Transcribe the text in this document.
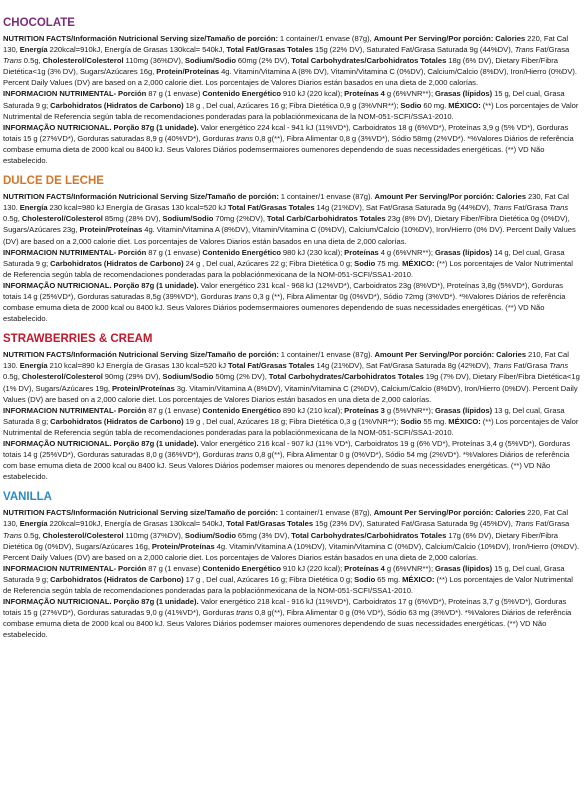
CHOCOLATE

NUTRITION FACTS/Información Nutricional Serving size/Tamaño de porción: 1 container/1 envase (87g), Amount Per Serving/Por porción: Calories 220, Fat Cal 130, Energía 220kcal=910kJ, Energía de Grasas 130kcal= 540kJ, Total Fat/Grasas Totales 15g (22% DV), Saturated Fat/Grasa Saturada 9g (44%DV), Trans Fat/Grasa Trans 0.5g, Cholesterol/Colesterol 110mg (36%DV), Sodium/Sodio 60mg (2% DV), Total Carbohydrates/Carbohidratos Totales 18g (6% DV), Dietary Fiber/Fibra Dietética<1g (3% DV), Sugars/Azúcares 16g, Protein/Proteínas 4g. Vitamin/Vitamina A (8% DV), Vitamin/Vitamina C (0%DV), Calcium/Calcio (8%DV), Iron/Hierro (0%DV). Percent Daily Values (DV) are based on a 2,000 calorie diet. Los porcentajes de Valores Diarios están basados en una dieta de 2,000 calorías.

INFORMACION NUTRIMENTAL- Porción 87 g (1 envase) Contenido Energético 910 kJ (220 kcal); Proteínas 4 g (6%VNR**); Grasas (lípidos) 15 g, Del cual, Grasa Saturada 9 g; Carbohidratos (Hidratos de Carbono) 18 g , Del cual, Azúcares 16 g; Fibra Dietética 0,9 g (3%VNR**); Sodio 60 mg. MÉXICO: (**) Los porcentajes de Valor Nutrimental de Referencia según tabla de recomendaciones ponderadas para la poblaciónmexicana de la NOM-051-SCFI/SSA1-2010.

INFORMAÇÃO NUTRICIONAL. Porção 87g (1 unidade). Valor energético 224 kcal - 941 kJ (11%VD*), Carboidratos 18 g (6%VD*), Proteínas 3,9 g (5% VD*), Gorduras totais 15 g (27%VD*), Gorduras saturadas 8,9 g (40%VD*), Gorduras trans 0,8 g(**), Fibra Alimentar 0,8 g (3%VD*), Sódio 58mg (2%VD*). *%Valores Diários de referência combase emuma dieta de 2000 kcal ou 8400 kJ. Seus Valores Diários podemsermaiores oumenores dependendo de suas necessidades energéticas. (**) VD Não estabelecido.

DULCE DE LECHE

NUTRITION FACTS/Información Nutricional Serving Size/Tamaño de porción: 1 container/1 envase (87g). Amount Per Serving/Por porción: Calories 230, Fat Cal 130. Energía 230 kcal=980 kJ Energía de Grasas 130 kcal=520 kJ Total Fat/Grasas Totales 14g (21%DV), Sat Fat/Grasa Saturada 9g (44%DV), Trans Fat/Grasa Trans 0.5g, Cholesterol/Colesterol 85mg (28% DV), Sodium/Sodio 70mg (2%DV), Total Carb/Carbohidratos Totales 23g (8% DV), Dietary Fiber/Fibra Dietética 0g (0%DV), Sugars/Azúcares 23g, Protein/Proteínas 4g. Vitamin/Vitamina A (8%DV), Vitamin/Vitamina C (0%DV), Calcium/Calcio (10%DV), Iron/Hierro (0% DV). Percent Daily Values (DV) are based on a 2,000 calorie diet. Los porcentajes de Valores Diarios están basados en una dieta de 2,000 calorías.

INFORMACION NUTRIMENTAL- Porción 87 g (1 envase) Contenido Energético 980 kJ (230 kcal); Proteínas 4 g (6%VNR**); Grasas (lípidos) 14 g, Del cual, Grasa Saturada 9 g; Carbohidratos (Hidratos de Carbono) 24 g , Del cual, Azúcares 22 g; Fibra Dietética 0 g; Sodio 75 mg. MÉXICO: (**) Los porcentajes de Valor Nutrimental de Referencia según tabla de recomendaciones ponderadas para la poblaciónmexicana de la NOM-051-SCFI/SSA1-2010.

INFORMAÇÃO NUTRICIONAL. Porção 87g (1 unidade). Valor energético 231 kcal - 968 kJ (12%VD*), Carboidratos 23g (8%VD*), Proteínas 3,8g (5%VD*), Gorduras totais 14 g (25%VD*), Gorduras saturadas 8,5g (39%VD*), Gorduras trans 0,3 g (**), Fibra Alimentar 0g (0%VD*), Sódio 72mg (3%VD*). *%Valores Diários de referência combase emuma dieta de 2000 kcal ou 8400 kJ. Seus Valores Diários podemsermaiores oumenores dependendo de suas necessidades energéticas. (**) VD Não estabelecido.

STRAWBERRIES & CREAM

NUTRITION FACTS/Información Nutricional Serving Size/Tamaño de porción: 1 container/1 envase (87g). Amount Per Serving/Por porción: Calories 210, Fat Cal 130. Energía 210 kcal=890 kJ Energía de Grasas 130 kcal=520 kJ Total Fat/Grasas Totales 14g (21%DV), Sat Fat/Grasa Saturada 8g (42%DV), Trans Fat/Grasa Trans 0.5g, Cholesterol/Colesterol 90mg (29% DV), Sodium/Sodio 50mg (2% DV), Total Carbohydrates/Carbohidratos Totales 19g (7% DV), Dietary Fiber/Fibra Dietética<1g (1% DV), Sugars/Azúcares 19g, Protein/Proteínas 3g. Vitamin/Vitamina A (8%DV), Vitamin/Vitamina C (2%DV), Calcium/Calcio (8%DV), Iron/Hierro (0%DV). Percent Daily Values (DV) are based on a 2,000 calorie diet. Los porcentajes de Valores Diarios están basados en una dieta de 2,000 calorías.

INFORMACION NUTRIMENTAL- Porción 87 g (1 envase) Contenido Energético 890 kJ (210 kcal); Proteínas 3 g (5%VNR**); Grasas (lípidos) 13 g, Del cual, Grasa Saturada 8 g; Carbohidratos (Hidratos de Carbono) 19 g , Del cual, Azúcares 18 g; Fibra Dietética 0,3 g (1%VNR**); Sodio 55 mg. MÉXICO: (**) Los porcentajes de Valor Nutrimental de Referencia según tabla de recomendaciones ponderadas para la poblaciónmexicana de la NOM-051-SCFI/SSA1-2010.

INFORMAÇÃO NUTRICIONAL. Porção 87g (1 unidade). Valor energético 216 kcal - 907 kJ (11% VD*), Carboidratos 19 g (6% VD*), Proteínas 3,4 g (5%VD*), Gorduras totais 14 g (25%VD*), Gorduras saturadas 8,0 g (36%VD*), Gorduras trans 0,8 g(**), Fibra Alimentar 0 g (0%VD*), Sódio 54 mg (2%VD*). *%Valores Diários de referência com base emuma dieta de 2000 kcal ou 8400 kJ. Seus Valores Diários podemser maiores ou menores dependendo de suas necessidades energéticas. (**) VD Não estabelecido.

VANILLA

NUTRITION FACTS/Información Nutricional Serving size/Tamaño de porción: 1 container/1 envase (87g), Amount Per Serving/Por porción: Calories 220, Fat Cal 130, Energía 220kcal=910kJ, Energía de Grasas 130kcal= 540kJ, Total Fat/Grasas Totales 15g (23% DV), Saturated Fat/Grasa Saturada 9g (45%DV), Trans Fat/Grasa Trans 0.5g, Cholesterol/Colesterol 110mg (37%DV), Sodium/Sodio 65mg (3% DV), Total Carbohydrates/Carbohidratos Totales 17g (6% DV), Dietary Fiber/Fibra Dietética 0g (0%DV), Sugars/Azúcares 16g, Protein/Proteínas 4g. Vitamin/Vitamina A (10%DV), Vitamin/Vitamina C (0%DV), Calcium/Calcio (10%DV), Iron/Hierro (0%DV). Percent Daily Values (DV) are based on a 2,000 calorie diet. Los porcentajes de Valores Diarios están basados en una dieta de 2,000 calorías.

INFORMACION NUTRIMENTAL- Porción 87 g (1 envase) Contenido Energético 910 kJ (220 kcal); Proteínas 4 g (6%VNR**); Grasas (lípidos) 15 g, Del cual, Grasa Saturada 9 g; Carbohidratos (Hidratos de Carbono) 17 g , Del cual, Azúcares 16 g; Fibra Dietética 0 g; Sodio 65 mg. MÉXICO: (**) Los porcentajes de Valor Nutrimental de Referencia según tabla de recomendaciones ponderadas para la poblaciónmexicana de la NOM-051-SCFI/SSA1-2010.

INFORMAÇÃO NUTRICIONAL. Porção 87g (1 unidade). Valor energético 218 kcal - 916 kJ (11%VD*), Carboidratos 17 g (6%VD*), Proteínas 3,7 g (5%VD*), Gorduras totais 15 g (27%VD*), Gorduras saturadas 9,0 g (41%VD*), Gorduras trans 0,8 g(**), Fibra Alimentar 0 g (0% VD*), Sódio 63 mg (3%VD*). *%Valores Diários de referência combase emuma dieta de 2000 kcal ou 8400 kJ. Seus Valores Diários podemser maiores oumenores dependendo de suas necessidades energéticas. (**) VD Não estabelecido.
